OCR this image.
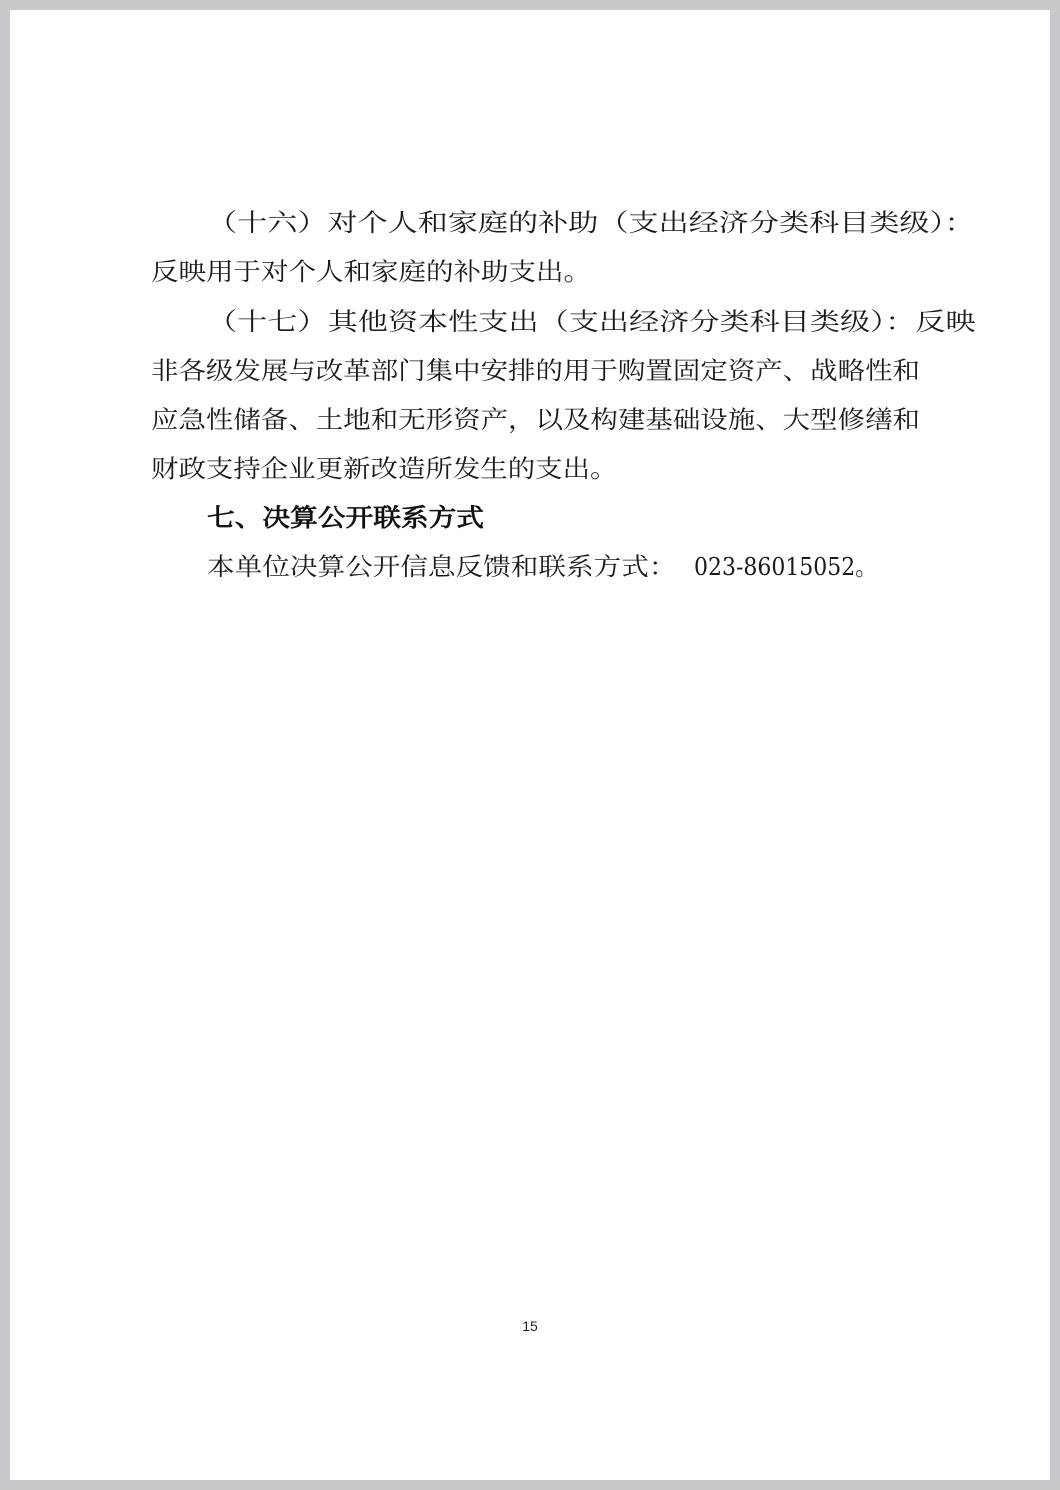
（十六）对个人和家庭的补助（支出经济分类科目类级）：
反映用于对个人和家庭的补助支出。
（十七）其他资本性支出（支出经济分类科目类级）：反映
非各级发展与改革部门集中安排的用于购置固定资产、战略性和
应急性储备、土地和无形资产，以及构建基础设施、大型修缮和
财政支持企业更新改造所发生的支出。
七、决算公开联系方式
本单位决算公开信息反馈和联系方式： 023-86015052。
15
